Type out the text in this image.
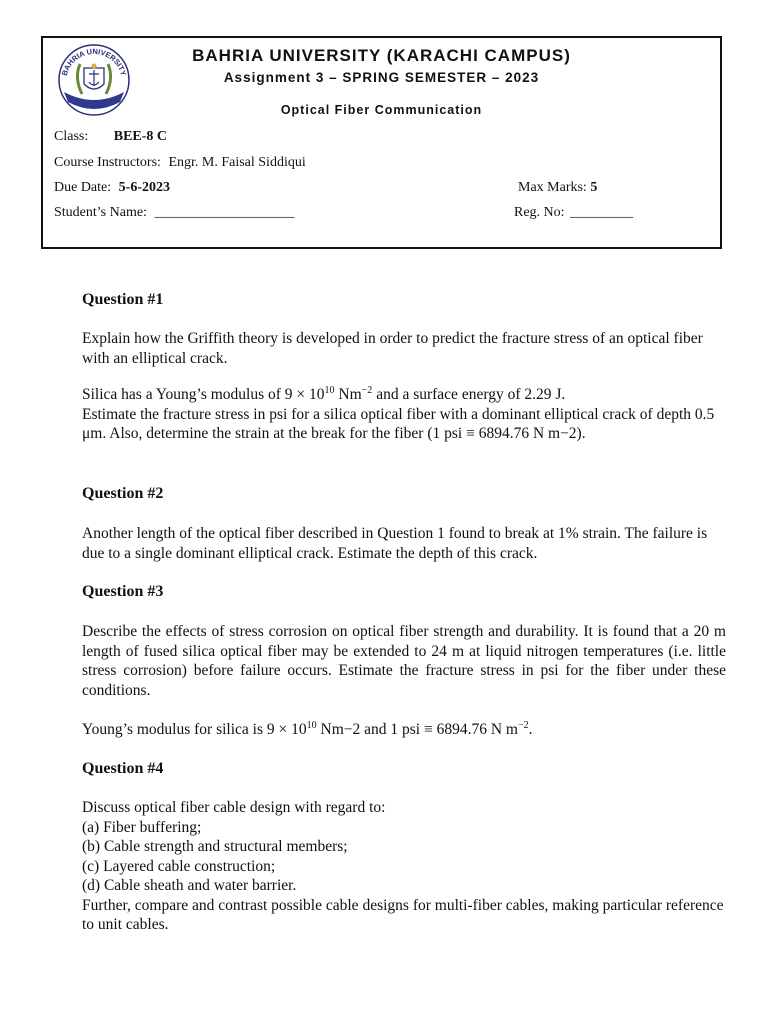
BAHRIA UNIVERSITY
BAHRIA UNIVERSITY (KARACHI CAMPUS)
Assignment 3 – SPRING SEMESTER – 2023
Optical Fiber Communication
Class: BEE-8 C
Course Instructors: Engr. M. Faisal Siddiqui
Due Date: 5-6-2023	Max Marks: 5
Student’s Name: ____________________	Reg. No: _________

Question #1

Explain how the Griffith theory is developed in order to predict the fracture stress of an optical fiber with an elliptical crack.

Silica has a Young’s modulus of $9 \times 10^{10}$ $Nm^{-2}$ and a surface energy of 2.29 J.
Estimate the fracture stress in psi for a silica optical fiber with a dominant elliptical crack of depth 0.5 μm. Also, determine the strain at the break for the fiber (1 psi ≡ 6894.76 N m−2).

Question #2

Another length of the optical fiber described in Question 1 found to break at 1% strain. The failure is due to a single dominant elliptical crack. Estimate the depth of this crack.

Question #3

Describe the effects of stress corrosion on optical fiber strength and durability. It is found that a 20 m length of fused silica optical fiber may be extended to 24 m at liquid nitrogen temperatures (i.e. little stress corrosion) before failure occurs. Estimate the fracture stress in psi for the fiber under these conditions.

Young’s modulus for silica is $9 \times 10^{10}$ Nm−2 and 1 psi ≡ 6894.76 N $m^{-2}$.

Question #4

Discuss optical fiber cable design with regard to:

(a) Fiber buffering;

(b) Cable strength and structural members;

(c) Layered cable construction;

(d) Cable sheath and water barrier.

Further, compare and contrast possible cable designs for multi-fiber cables, making particular reference to unit cables.
